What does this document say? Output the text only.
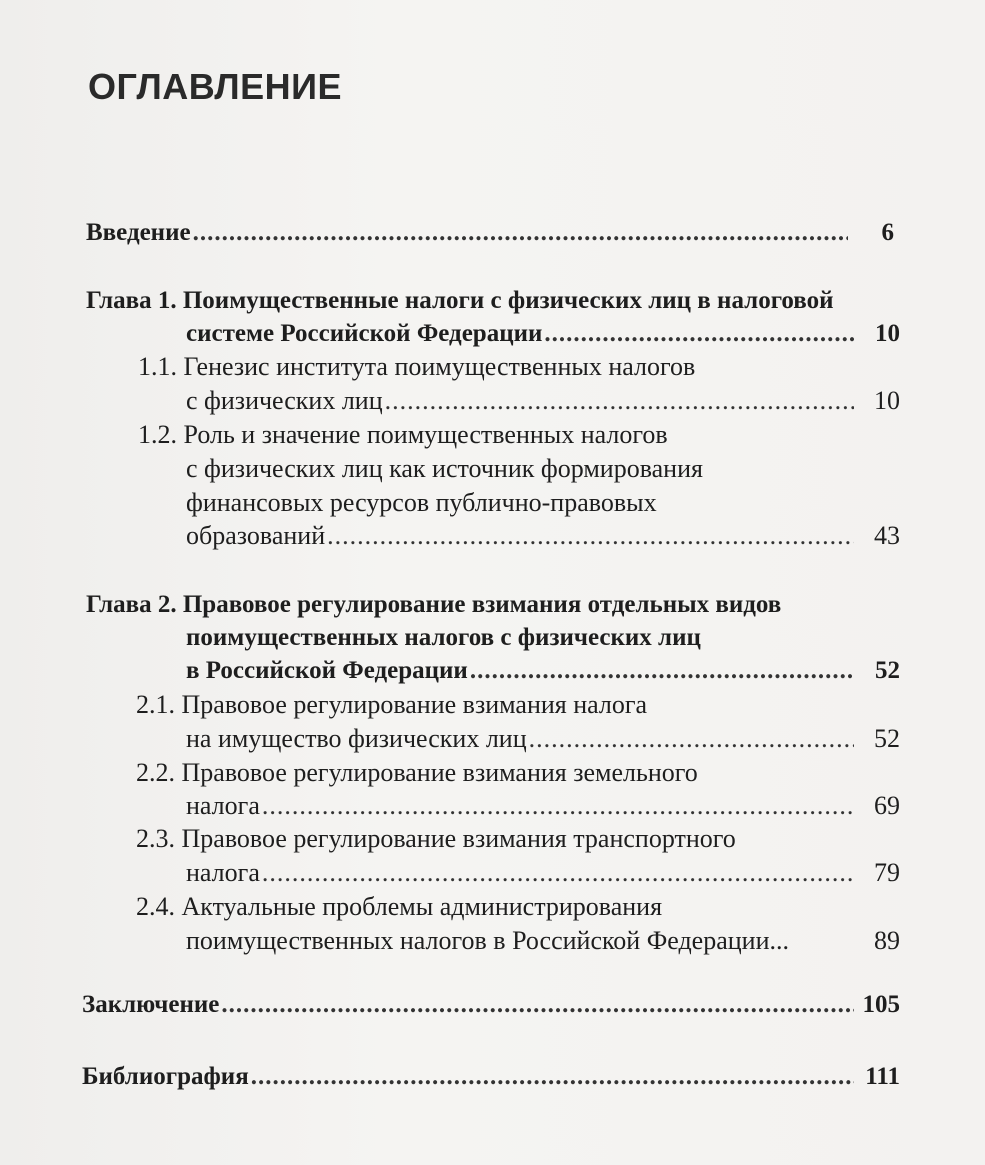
ОГЛАВЛЕНИЕ
Введение .....	6
Глава 1. Поимущественные налоги с физических лиц в налоговой
системе Российской Федерации .....	10
1.1. Генезис института поимущественных налогов
с физических лиц .....	10
1.2. Роль и значение поимущественных налогов
с физических лиц как источник формирования
финансовых ресурсов публично-правовых
образований .....	43
Глава 2. Правовое регулирование взимания отдельных видов
поимущественных налогов с физических лиц
в Российской Федерации .....	52
2.1. Правовое регулирование взимания налога
на имущество физических лиц .....	52
2.2. Правовое регулирование взимания земельного
налога .....	69
2.3. Правовое регулирование взимания транспортного
налога .....	79
2.4. Актуальные проблемы администрирования
поимущественных налогов в Российской Федерации...	89
Заключение .....	105
Библиография .....	111
